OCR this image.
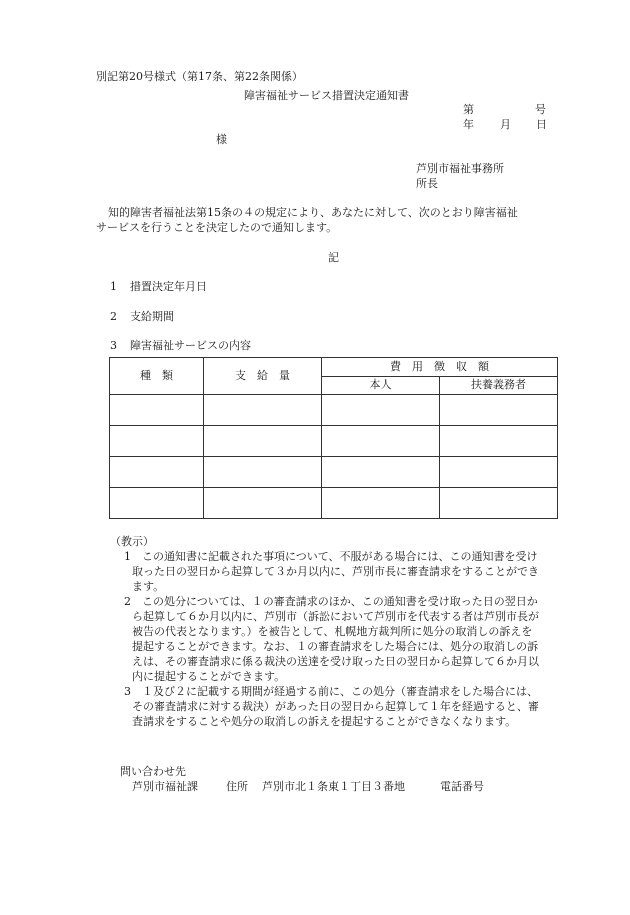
別記第20号様式（第17条、第22条関係）
障害福祉サービス措置決定通知書
第	号
年 月 日
様
芦別市福祉事務所
所長
知的障害者福祉法第15条の４の規定により、あなたに対して、次のとおり障害福祉
サービスを行うことを決定したので通知します。
記
1 措置決定年月日
2 支給期間
3 障害福祉サービスの内容
種　類	支　給　量	費　用　徴　収　額	
		本人	扶養義務者

（教示）
1 この通知書に記載された事項について、不服がある場合には、この通知書を受け
取った日の翌日から起算して３か月以内に、芦別市長に審査請求をすることができ
ます。
2 この処分については、１の審査請求のほか、この通知書を受け取った日の翌日か
ら起算して６か月以内に、芦別市（訴訟において芦別市を代表する者は芦別市長が
被告の代表となります。）を被告として、札幌地方裁判所に処分の取消しの訴えを
提起することができます。なお、１の審査請求をした場合には、処分の取消しの訴
えは、その審査請求に係る裁決の送達を受け取った日の翌日から起算して６か月以
内に提起することができます。
3 １及び２に記載する期間が経過する前に、この処分（審査請求をした場合には、
その審査請求に対する裁決）があった日の翌日から起算して１年を経過すると、審
査請求をすることや処分の取消しの訴えを提起することができなくなります。
問い合わせ先
芦別市福祉課	住所 芦別市北１条東１丁目３番地	電話番号
